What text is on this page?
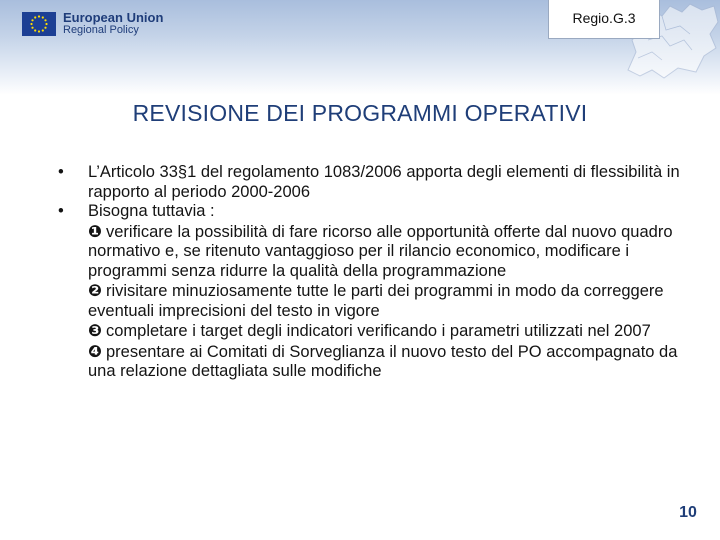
European Union
Regional Policy
Regio.G.3
REVISIONE DEI PROGRAMMI OPERATIVI
• L’Articolo 33§1 del regolamento 1083/2006 apporta degli elementi di flessibilità in rapporto al periodo 2000-2006
• Bisogna tuttavia :
❶ verificare la possibilità di fare ricorso alle opportunità offerte dal nuovo quadro normativo e, se ritenuto vantaggioso per il rilancio economico, modificare i programmi senza ridurre la qualità della programmazione
❷ rivisitare minuziosamente tutte le parti dei programmi in modo da correggere eventuali imprecisioni del testo in vigore
❸ completare i target degli indicatori verificando i parametri utilizzati nel 2007
❹ presentare ai Comitati di Sorveglianza il nuovo testo del PO accompagnato da una relazione dettagliata sulle modifiche
10
